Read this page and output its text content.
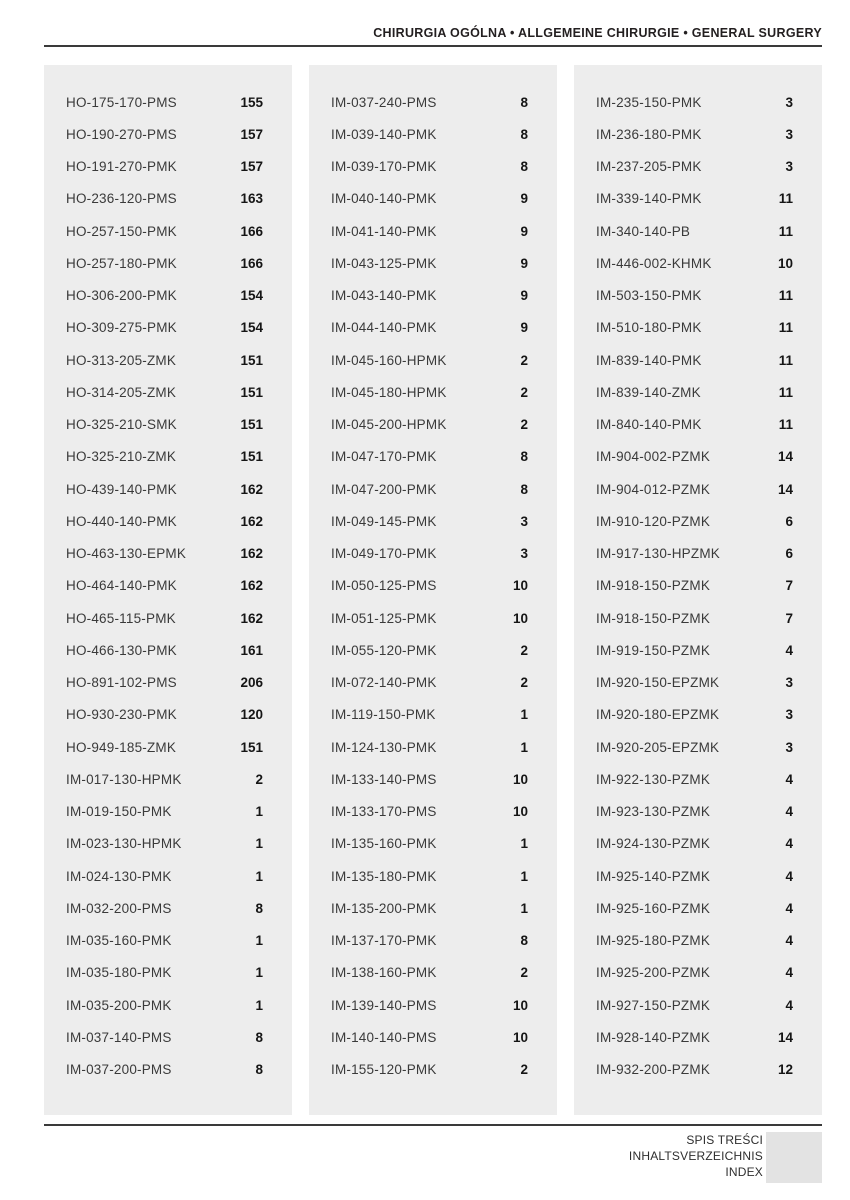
CHIRURGIA OGÓLNA • ALLGEMEINE CHIRURGIE • GENERAL SURGERY
HO-175-170-PMS	155
HO-190-270-PMS	157
HO-191-270-PMK	157
HO-236-120-PMS	163
HO-257-150-PMK	166
HO-257-180-PMK	166
HO-306-200-PMK	154
HO-309-275-PMK	154
HO-313-205-ZMK	151
HO-314-205-ZMK	151
HO-325-210-SMK	151
HO-325-210-ZMK	151
HO-439-140-PMK	162
HO-440-140-PMK	162
HO-463-130-EPMK	162
HO-464-140-PMK	162
HO-465-115-PMK	162
HO-466-130-PMK	161
HO-891-102-PMS	206
HO-930-230-PMK	120
HO-949-185-ZMK	151
IM-017-130-HPMK	2
IM-019-150-PMK	1
IM-023-130-HPMK	1
IM-024-130-PMK	1
IM-032-200-PMS	8
IM-035-160-PMK	1
IM-035-180-PMK	1
IM-035-200-PMK	1
IM-037-140-PMS	8
IM-037-200-PMS	8
IM-037-240-PMS	8
IM-039-140-PMK	8
IM-039-170-PMK	8
IM-040-140-PMK	9
IM-041-140-PMK	9
IM-043-125-PMK	9
IM-043-140-PMK	9
IM-044-140-PMK	9
IM-045-160-HPMK	2
IM-045-180-HPMK	2
IM-045-200-HPMK	2
IM-047-170-PMK	8
IM-047-200-PMK	8
IM-049-145-PMK	3
IM-049-170-PMK	3
IM-050-125-PMS	10
IM-051-125-PMK	10
IM-055-120-PMK	2
IM-072-140-PMK	2
IM-119-150-PMK	1
IM-124-130-PMK	1
IM-133-140-PMS	10
IM-133-170-PMS	10
IM-135-160-PMK	1
IM-135-180-PMK	1
IM-135-200-PMK	1
IM-137-170-PMK	8
IM-138-160-PMK	2
IM-139-140-PMS	10
IM-140-140-PMS	10
IM-155-120-PMK	2
IM-235-150-PMK	3
IM-236-180-PMK	3
IM-237-205-PMK	3
IM-339-140-PMK	11
IM-340-140-PB	11
IM-446-002-KHMK	10
IM-503-150-PMK	11
IM-510-180-PMK	11
IM-839-140-PMK	11
IM-839-140-ZMK	11
IM-840-140-PMK	11
IM-904-002-PZMK	14
IM-904-012-PZMK	14
IM-910-120-PZMK	6
IM-917-130-HPZMK	6
IM-918-150-PZMK	7
IM-918-150-PZMK	7
IM-919-150-PZMK	4
IM-920-150-EPZMK	3
IM-920-180-EPZMK	3
IM-920-205-EPZMK	3
IM-922-130-PZMK	4
IM-923-130-PZMK	4
IM-924-130-PZMK	4
IM-925-140-PZMK	4
IM-925-160-PZMK	4
IM-925-180-PZMK	4
IM-925-200-PZMK	4
IM-927-150-PZMK	4
IM-928-140-PZMK	14
IM-932-200-PZMK	12
SPIS TREŚCI
INHALTSVERZEICHNIS
INDEX
